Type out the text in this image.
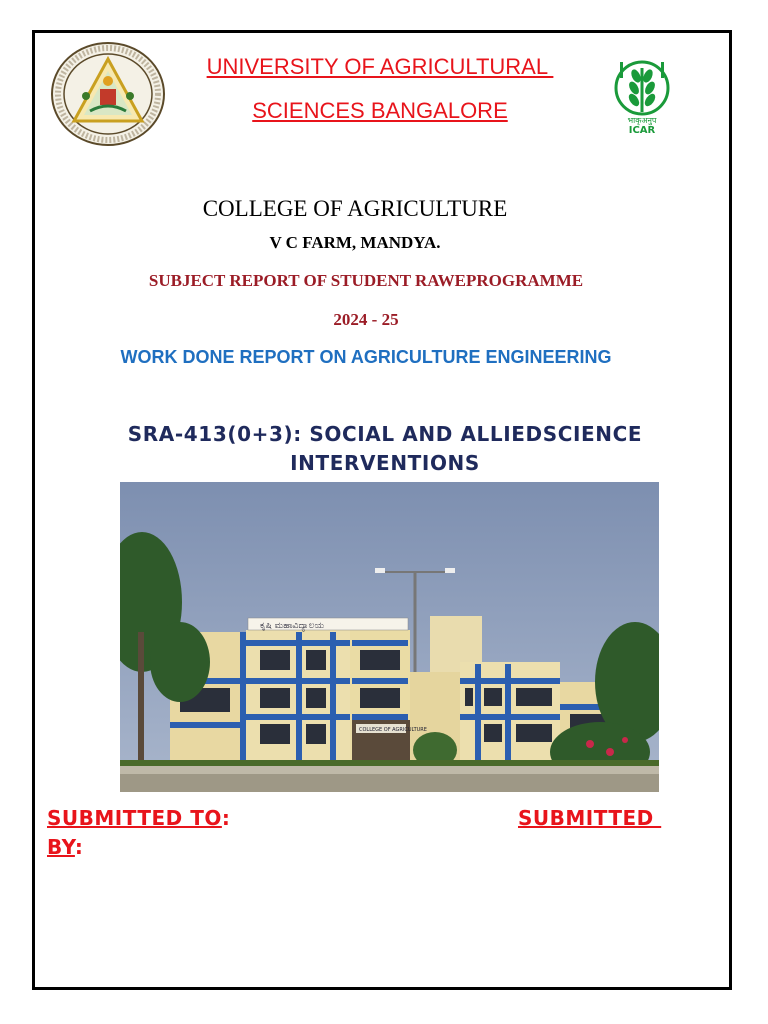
UNIVERSITY OF AGRICULTURAL
SCIENCES BANGALORE	भाकृअनुप
ICAR
COLLEGE OF AGRICULTURE
V C FARM, MANDYA.
SUBJECT REPORT OF STUDENT RAWEPROGRAMME
2024 - 25
WORK DONE REPORT ON AGRICULTURE ENGINEERING
SRA-413(0+3): SOCIAL AND ALLIEDSCIENCE
INTERVENTIONS
ಕೃಷಿ ಮಹಾವಿದ್ಯಾಲಯ
COLLEGE OF AGRICULTURE
SUBMITTED TO:	SUBMITTED
BY:
